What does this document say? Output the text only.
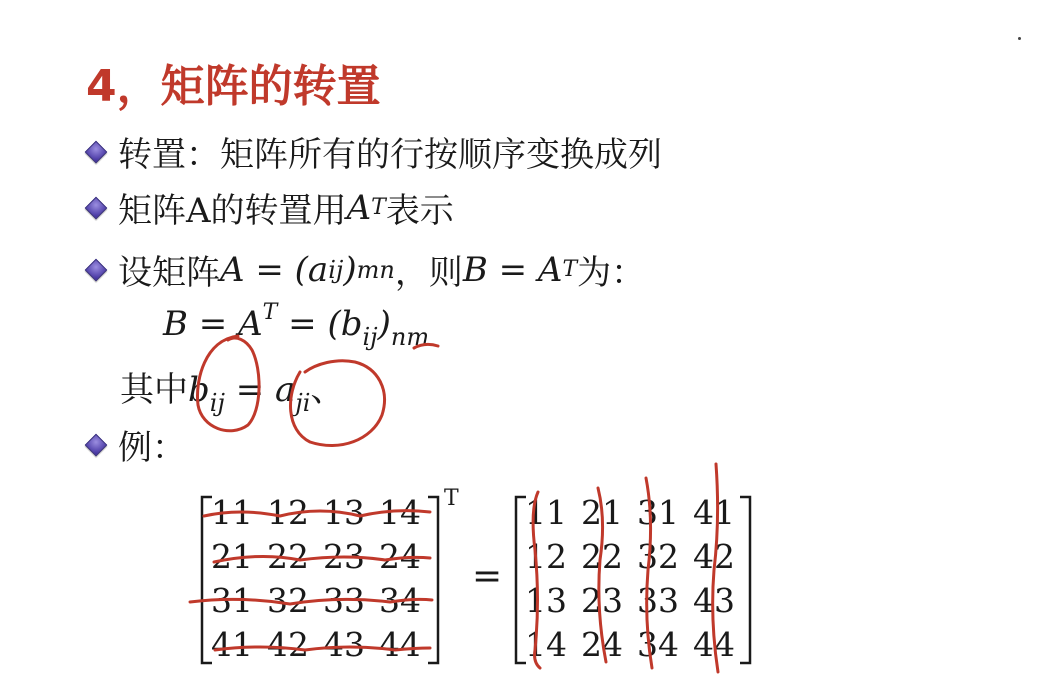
4，矩阵的转置
转置：矩阵所有的行按顺序变换成列
矩阵A的转置用 A T 表示
设矩阵 A = (a ij ) mn ，则 B = A T 为：
$B = A^T = (b_{ij})_{nm}$
其中$b_{ij} = a_{ji}$、
例：
11 12 13 14
21 22 23 24
31 32 33 34
41 42 43 44
T
=
11 21 31 41
12 22 32 42
13 23 33 43
14 24 34 44
